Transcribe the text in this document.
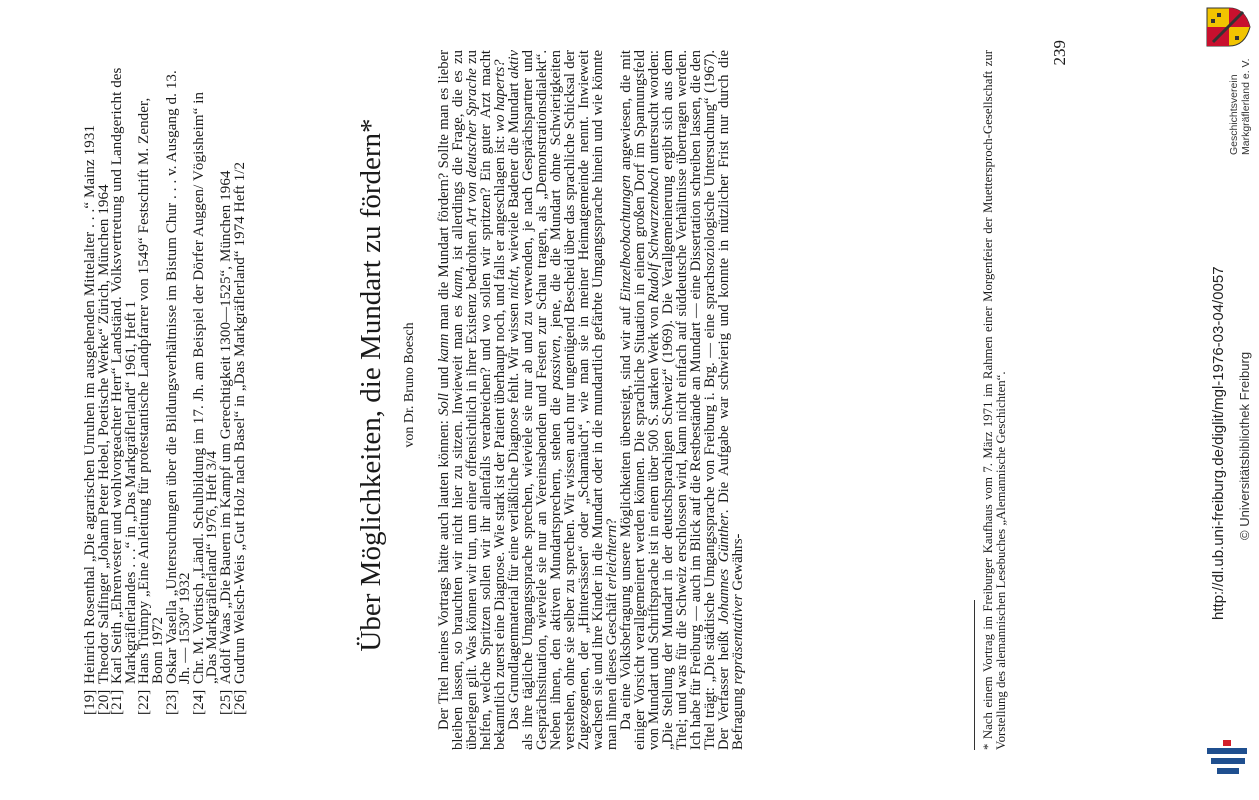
[19]
Heinrich Rosenthal „Die agrarischen Unruhen im ausgehenden Mittelalter . . .“ Mainz 1931
[20]
Theodor Salfinger „Johann Peter Hebel, Poetische Werke“ Zürich, München 1964
[21]
Karl Seith „Ehrenvester und wohlvorgeachter Herr“ Landständ. Volksvertretung und Landgericht des Markgräflerlandes . . .“ in „Das Markgräflerland“ 1961, Heft 1
[22]
Hans Trümpy „Eine Anleitung für protestantische Landpfarrer von 1549“ Festschrift M. Zender, Bonn 1972
[23]
Oskar Vasella „Untersuchungen über die Bildungsverhältnisse im Bistum Chur . . . v. Ausgang d. 13. Jh. — 1530“ 1932
[24]
Chr. M. Vortisch „Ländl. Schulbildung im 17. Jh. am Beispiel der Dörfer Auggen/ Vögisheim“ in „Das Markgräflerland“ 1976, Heft 3/4
[25]
Adolf Waas „Die Bauern im Kampf um Gerechtigkeit 1300—1525“, München 1964
[26]
Gudrun Welsch-Weis „Gut Holz nach Basel“ in „Das Markgräflerland“ 1974 Heft 1/2	Über Möglichkeiten, die Mundart zu fördern* von Dr. Bruno Boesch

Der Titel meines Vortrags hätte auch lauten können: Soll und kann man die Mundart fördern? Sollte man es lieber bleiben lassen, so brauchten wir nicht hier zu sitzen. Inwieweit man es kann, ist allerdings die Frage, die es zu überlegen gilt. Was können wir tun, um einer offensichtlich in ihrer Existenz bedrohten Art von deutscher Sprache zu helfen, welche Spritzen sollen wir ihr allenfalls verabreichen? und wo sollen wir spritzen? Ein guter Arzt macht bekanntlich zuerst eine Diagnose. Wie stark ist der Patient überhaupt noch, und falls er angeschlagen ist: wo haperts?

Das Grundlagenmaterial für eine verläßliche Diagnose fehlt. Wir wissen nicht, wieviele Badener die Mundart aktiv als ihre tägliche Umgangssprache sprechen, wieviele sie nur ab und zu verwenden, je nach Gesprächspartner und Gesprächssituation, wieviele sie nur an Vereinsabenden und Festen zur Schau tragen, als „Demonstrationsdialekt“. Neben ihnen, den aktiven Mundartsprechern, stehen die passiven, jene, die die Mundart ohne Schwierigkeiten verstehen, ohne sie selber zu sprechen. Wir wissen auch nur ungenügend Bescheid über das sprachliche Schicksal der Zugezogenen, der „Hintersässen“ oder „Schamäuch“, wie man sie in meiner Heimatgemeinde nennt. Inwieweit wachsen sie und ihre Kinder in die Mundart oder in die mundartlich gefärbte Umgangssprache hinein und wie könnte man ihnen dieses Geschäft erleichtern?

Da eine Volksbefragung unsere Möglichkeiten übersteigt, sind wir auf Einzelbeobachtungen angewiesen, die mit einiger Vorsicht verallgemeinert werden können. Die sprachliche Situation in einem großen Dorf im Spannungsfeld von Mundart und Schriftsprache ist in einem über 500 S. starken Werk von Rudolf Schwarzenbach untersucht worden: „Die Stellung der Mundart in der deutschsprachigen Schweiz“ (1969). Die Verallgemeinerung ergibt sich aus dem Titel; und was für die Schweiz erschlossen wird, kann nicht einfach auf süddeutsche Verhältnisse übertragen werden. Ich habe für Freiburg — auch im Blick auf die Restbestände an Mundart — eine Dissertation schreiben lassen, die den Titel trägt: „Die städtische Umgangssprache von Freiburg i. Brg. — eine sprachsoziologische Untersuchung“ (1967). Der Verfasser heißt Johannes Günther. Die Aufgabe war schwierig und konnte in nützlicher Frist nur durch die Befragung repräsentativer Gewährs-	* Nach einem Vortrag im Freiburger Kaufhaus vom 7. März 1971 im Rahmen einer Morgenfeier der Muettersproch-Gesellschaft zur Vorstellung des alemannischen Lesebuches „Alemannische Geschichten“.
239
http://dl.ub.uni-freiburg.de/diglit/mgl-1976-03-04/0057 © Universitätsbibliothek Freiburg
Geschichtsverein Markgräflerland e. V.
